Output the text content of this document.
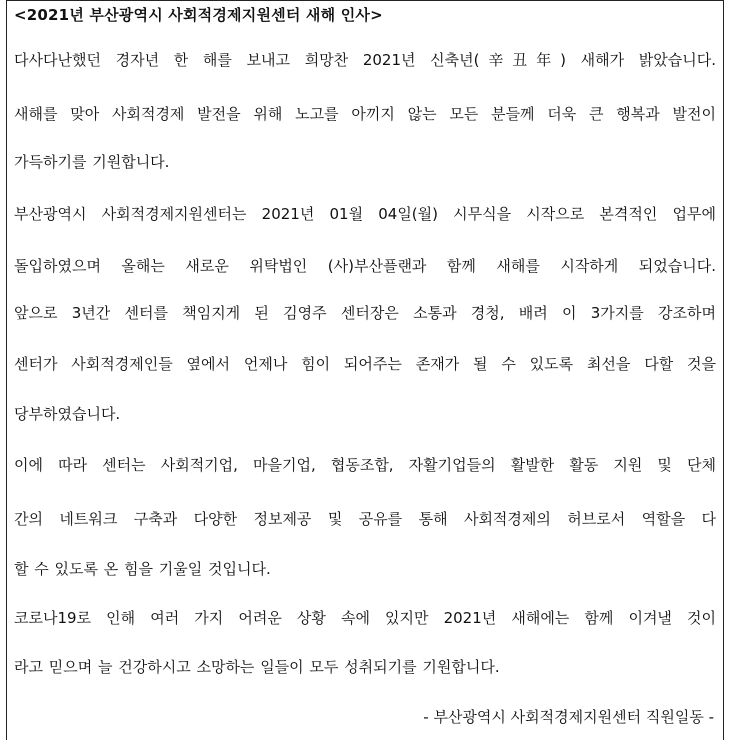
<2021년 부산광역시 사회적경제지원센터 새해 인사>
다사다난했던 경자년 한 해를 보내고 희망찬 2021년 신축년(辛丑年) 새해가 밝았습니다.
새해를 맞아 사회적경제 발전을 위해 노고를 아끼지 않는 모든 분들께 더욱 큰 행복과 발전이
가득하기를 기원합니다.
부산광역시 사회적경제지원센터는 2021년 01월 04일(월) 시무식을 시작으로 본격적인 업무에
돌입하였으며 올해는 새로운 위탁법인 (사)부산플랜과 함께 새해를 시작하게 되었습니다.
앞으로 3년간 센터를 책임지게 된 김영주 센터장은 소통과 경청, 배려 이 3가지를 강조하며
센터가 사회적경제인들 옆에서 언제나 힘이 되어주는 존재가 될 수 있도록 최선을 다할 것을
당부하였습니다.
이에 따라 센터는 사회적기업, 마을기업, 협동조합, 자활기업들의 활발한 활동 지원 및 단체
간의 네트워크 구축과 다양한 정보제공 및 공유를 통해 사회적경제의 허브로서 역할을 다
할 수 있도록 온 힘을 기울일 것입니다.
코로나19로 인해 여러 가지 어려운 상황 속에 있지만 2021년 새해에는 함께 이겨낼 것이
라고 믿으며 늘 건강하시고 소망하는 일들이 모두 성취되기를 기원합니다.
- 부산광역시 사회적경제지원센터 직원일동 -
